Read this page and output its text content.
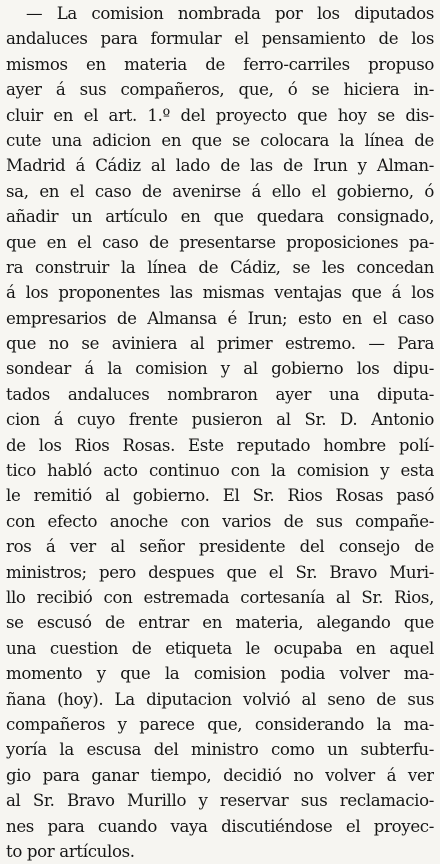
— La comision nombrada por los diputados
andaluces para formular el pensamiento de los
mismos en materia de ferro-carriles propuso
ayer á sus compañeros, que, ó se hiciera in-
cluir en el art. 1.º del proyecto que hoy se dis-
cute una adicion en que se colocara la línea de
Madrid á Cádiz al lado de las de Irun y Alman-
sa, en el caso de avenirse á ello el gobierno, ó
añadir un artículo en que quedara consignado,
que en el caso de presentarse proposiciones pa-
ra construir la línea de Cádiz, se les concedan
á los proponentes las mismas ventajas que á los
empresarios de Almansa é Irun; esto en el caso
que no se aviniera al primer estremo. — Para
sondear á la comision y al gobierno los dipu-
tados andaluces nombraron ayer una diputa-
cion á cuyo frente pusieron al Sr. D. Antonio
de los Rios Rosas. Este reputado hombre polí-
tico habló acto continuo con la comision y esta
le remitió al gobierno. El Sr. Rios Rosas pasó
con efecto anoche con varios de sus compañe-
ros á ver al señor presidente del consejo de
ministros; pero despues que el Sr. Bravo Muri-
llo recibió con estremada cortesanía al Sr. Rios,
se escusó de entrar en materia, alegando que
una cuestion de etiqueta le ocupaba en aquel
momento y que la comision podia volver ma-
ñana (hoy). La diputacion volvió al seno de sus
compañeros y parece que, considerando la ma-
yoría la escusa del ministro como un subterfu-
gio para ganar tiempo, decidió no volver á ver
al Sr. Bravo Murillo y reservar sus reclamacio-
nes para cuando vaya discutiéndose el proyec-
to por artículos.
